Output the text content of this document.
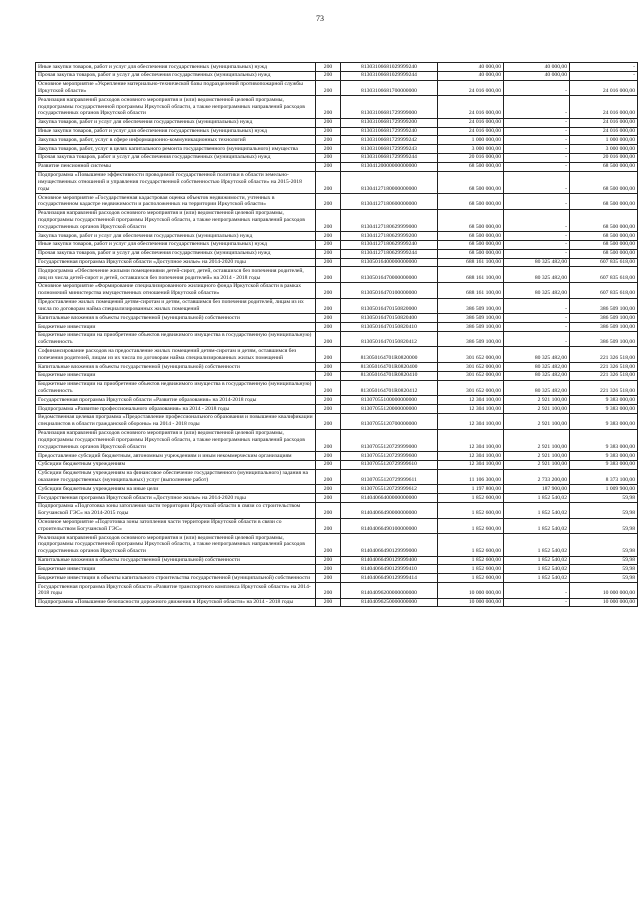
73
Иные закупки товаров, работ и услуг для обеспечения государственных (муниципальных) нужд	200	81303106681029999240	40 000,00	40 000,00	-
Прочая закупка товаров, работ и услуг для обеспечения государственных (муниципальных) нужд	200	81303106681029999244	40 000,00	40 000,00	-
Основное мероприятие «Укрепление материально-технической базы подразделений противопожарной службы Иркутской области»	200	81303106681700000000	24 016 000,00	-	24 016 000,00
Реализация направлений расходов основного мероприятия и (или) ведомственной целевой программы, подпрограммы государственной программы Иркутской области, а также непрограммных направлений расходов государственных органов Иркутской области	200	81303106681729999000	24 016 000,00	-	24 016 000,00
Закупка товаров, работ и услуг для обеспечения государственных (муниципальных) нужд	200	81303106681729999200	24 016 000,00	-	24 016 000,00
Иные закупки товаров, работ и услуг для обеспечения государственных (муниципальных) нужд	200	81303106681729999240	24 016 000,00	-	24 016 000,00
Закупка товаров, работ, услуг в сфере информационно-коммуникационных технологий	200	81303106681729999242	1 000 000,00	-	1 000 000,00
Закупка товаров, работ, услуг в целях капитального ремонта государственного (муниципального) имущества	200	81303106681729999243	3 000 000,00	-	3 000 000,00
Прочая закупка товаров, работ и услуг для обеспечения государственных (муниципальных) нужд	200	81303106681729999244	20 016 000,00	-	20 016 000,00
Развитие пенсионной системы	200	81304120000000000000	68 500 000,00	-	68 500 000,00
Подпрограмма «Повышение эффективности проводимой государственной политики в области земельно-имущественных отношений и управления государственной собственностью Иркутской области» на 2015-2018 годы	200	81304127180000000000	68 500 000,00	-	68 500 000,00
Основное мероприятие «Государственная кадастровая оценка объектов недвижимости, учтенных в государственном кадастре недвижимости и расположенных на территории Иркутской области»	200	81304127180600000000	68 500 000,00	-	68 500 000,00
Реализация направлений расходов основного мероприятия и (или) ведомственной целевой программы, подпрограммы государственной программы Иркутской области, а также непрограммных направлений расходов государственных органов Иркутской области	200	81304127180629999000	68 500 000,00	-	68 500 000,00
Закупка товаров, работ и услуг для обеспечения государственных (муниципальных) нужд	200	81304127180629999200	68 500 000,00	-	68 500 000,00
Иные закупки товаров, работ и услуг для обеспечения государственных (муниципальных) нужд	200	81304127180629999240	68 500 000,00	-	68 500 000,00
Прочая закупка товаров, работ и услуг для обеспечения государственных (муниципальных) нужд	200	81304127180629999244	68 500 000,00	-	68 500 000,00
Государственная программа Иркутской области «Доступное жилье» на 2014-2020 годы	200	81305016400000000000	688 161 100,00	80 325 482,00	607 835 618,00
Подпрограмма «Обеспечение жилыми помещениями детей-сирот, детей, оставшихся без попечения родителей, лиц из числа детей-сирот и детей, оставшихся без попечения родителей» на 2014 - 2018 годы	200	81305016470000000000	688 161 100,00	80 325 482,00	607 835 618,00
Основное мероприятие «Формирование специализированного жилищного фонда Иркутской области в рамках полномочий министерства имущественных отношений Иркутской области»	200	81305016470100000000	688 161 100,00	80 325 482,00	607 835 618,00
Предоставление жилых помещений детям-сиротам и детям, оставшимся без попечения родителей, лицам из их числа по договорам найма специализированных жилых помещений	200	81305016470150820000	386 509 100,00	-	386 509 100,00
Капитальные вложения в объекты государственной (муниципальной) собственности	200	81305016470150820400	386 509 100,00	-	386 509 100,00
Бюджетные инвестиции	200	81305016470150820410	386 509 100,00	-	386 509 100,00
Бюджетные инвестиции на приобретение объектов недвижимого имущества в государственную (муниципальную) собственность	200	81305016470150820412	386 509 100,00	-	386 509 100,00
Софинансирование расходов на предоставление жилых помещений детям-сиротам и детям, оставшимся без попечения родителей, лицам из их числа по договорам найма специализированных жилых помещений	200	813050164701R0820000	301 652 000,00	80 325 482,00	221 326 518,00
Капитальные вложения в объекты государственной (муниципальной) собственности	200	813050164701R0820400	301 652 000,00	80 325 482,00	221 326 518,00
Бюджетные инвестиции	200	813050164701R0820410	301 652 000,00	80 325 482,00	221 326 518,00
Бюджетные инвестиции на приобретение объектов недвижимого имущества в государственную (муниципальную) собственность	200	813050164701R0820412	301 652 000,00	80 325 482,00	221 326 518,00
Государственная программа Иркутской области «Развитие образования» на 2014-2018 годы	200	81307055100000000000	12 304 100,00	2 921 100,00	9 383 000,00
Подпрограмма «Развитие профессионального образования» на 2014 - 2018 годы	200	81307055120000000000	12 304 100,00	2 921 100,00	9 383 000,00
Ведомственная целевая программа «Предоставление профессионального образования и повышение квалификации специалистов в области гражданской обороны» на 2014 - 2018 годы	200	81307055120700000000	12 304 100,00	2 921 100,00	9 383 000,00
Реализация направлений расходов основного мероприятия и (или) ведомственной целевой программы, подпрограммы государственной программы Иркутской области, а также непрограммных направлений расходов государственных органов Иркутской области	200	81307055120729999000	12 304 100,00	2 921 100,00	9 383 000,00
Предоставление субсидий бюджетным, автономным учреждениям и иным некоммерческим организациям	200	81307055120729999600	12 304 100,00	2 921 100,00	9 383 000,00
Субсидии бюджетным учреждениям	200	81307055120729999610	12 304 100,00	2 921 100,00	9 383 000,00
Субсидии бюджетным учреждениям на финансовое обеспечение государственного (муниципального) задания на оказание государственных (муниципальных) услуг (выполнение работ)	200	81307055120729999611	11 106 300,00	2 733 200,00	8 373 100,00
Субсидии бюджетным учреждениям на иные цели	200	81307055120729999612	1 197 800,00	187 900,00	1 009 900,00
Государственная программа Иркутской области «Доступное жилье» на 2014-2020 годы	200	81404066400000000000	1 852 600,00	1 852 540,02	59,98
Подпрограмма «Подготовка зоны затопления части территории Иркутской области в связи со строительством Богучанской ГЭС» на 2014-2015 годы	200	81404066490000000000	1 852 600,00	1 852 540,02	59,98
Основное мероприятие «Подготовка зоны затопления части территории Иркутской области в связи со строительством Богучанской ГЭС»	200	81404066490100000000	1 852 600,00	1 852 540,02	59,98
Реализация направлений расходов основного мероприятия и (или) ведомственной целевой программы, подпрограммы государственной программы Иркутской области, а также непрограммных направлений расходов государственных органов Иркутской области	200	81404066490129999000	1 852 600,00	1 852 540,02	59,98
Капитальные вложения в объекты государственной (муниципальной) собственности	200	81404066490129999400	1 852 600,00	1 852 540,02	59,98
Бюджетные инвестиции	200	81404066490129999410	1 852 600,00	1 852 540,02	59,98
Бюджетные инвестиции в объекты капитального строительства государственной (муниципальной) собственности	200	81404066490129999414	1 852 600,00	1 852 540,02	59,98
Государственная программа Иркутской области «Развитие транспортного комплекса Иркутской области» на 2014-2018 годы	200	81404096200000000000	10 000 000,00	-	10 000 000,00
Подпрограмма «Повышение безопасности дорожного движения в Иркутской области» на 2014 - 2018 годы	200	81404096250000000000	10 000 000,00	-	10 000 000,00
